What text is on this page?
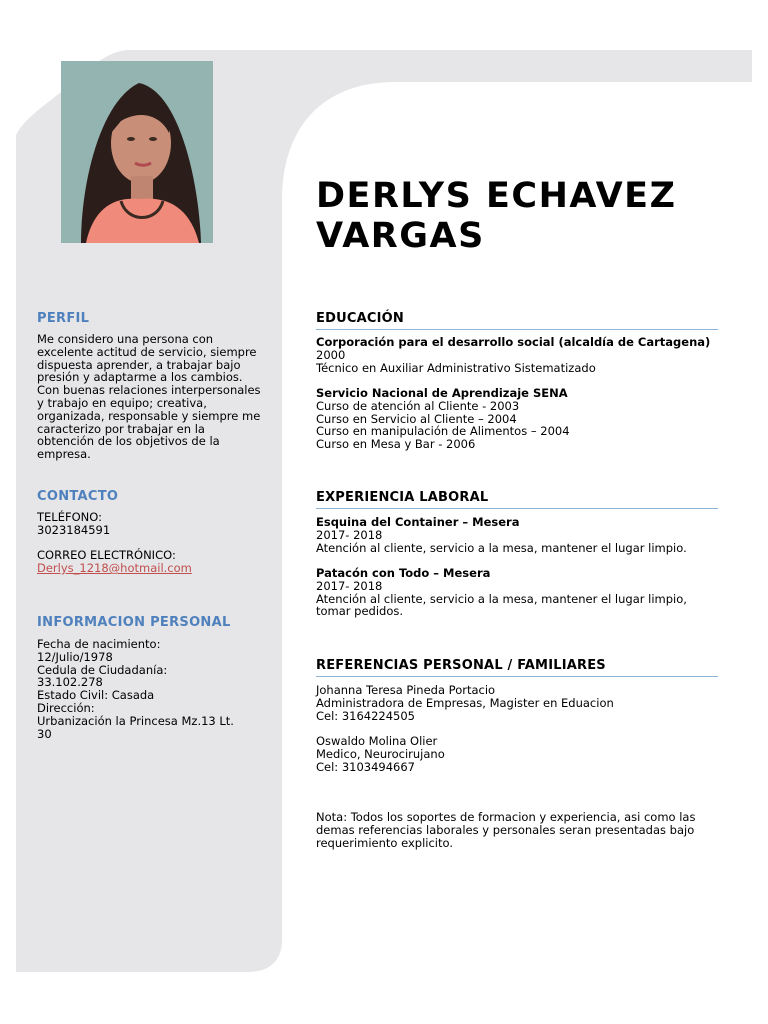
DERLYS ECHAVEZ
VARGAS
PERFIL

Me considero una persona con excelente actitud de servicio, siempre dispuesta aprender, a trabajar bajo presión y adaptarme a los cambios. Con buenas relaciones interpersonales y trabajo en equipo; creativa, organizada, responsable y siempre me caracterizo por trabajar en la obtención de los objetivos de la empresa.

CONTACTO
TELÉFONO:
3023184591
CORREO ELECTRÓNICO:
Derlys_1218@hotmail.com
INFORMACION PERSONAL
Fecha de nacimiento:
12/Julio/1978
Cedula de Ciudadanía:
33.102.278
Estado Civil: Casada
Dirección:
Urbanización la Princesa Mz.13 Lt.
30
EDUCACIÓN
Corporación para el desarrollo social (alcaldía de Cartagena)
2000
Técnico en Auxiliar Administrativo Sistematizado
Servicio Nacional de Aprendizaje SENA
Curso de atención al Cliente - 2003
Curso en Servicio al Cliente – 2004
Curso en manipulación de Alimentos – 2004
Curso en Mesa y Bar - 2006
EXPERIENCIA LABORAL
Esquina del Container – Mesera
2017- 2018
Atención al cliente, servicio a la mesa, mantener el lugar limpio.
Patacón con Todo – Mesera
2017- 2018
Atención al cliente, servicio a la mesa, mantener el lugar limpio, tomar pedidos.
REFERENCIAS PERSONAL / FAMILIARES
Johanna Teresa Pineda Portacio
Administradora de Empresas, Magister en Eduacion
Cel: 3164224505
Oswaldo Molina Olier
Medico, Neurocirujano
Cel: 3103494667
Nota: Todos los soportes de formacion y experiencia, asi como las demas referencias laborales y personales seran presentadas bajo requerimiento explicito.
